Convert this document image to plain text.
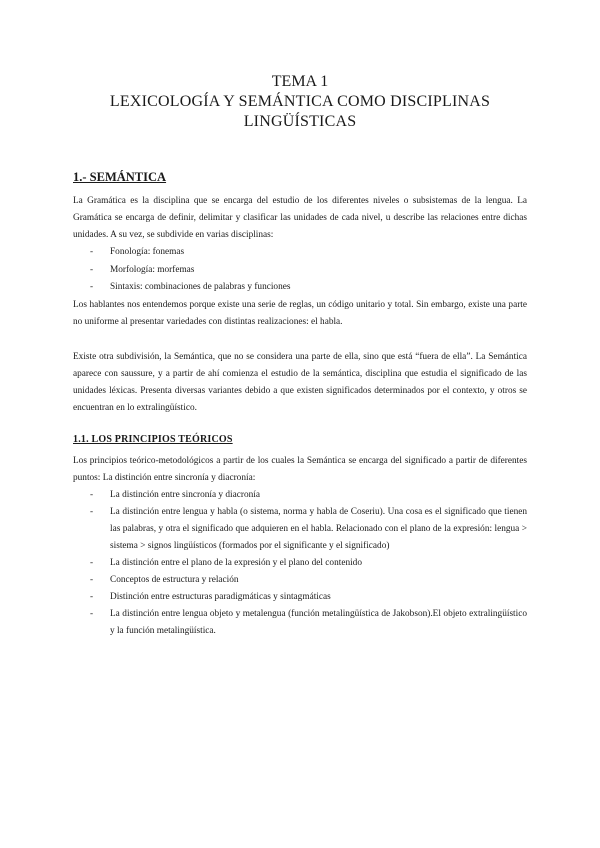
TEMA 1
LEXICOLOGÍA Y SEMÁNTICA COMO DISCIPLINAS
LINGÜÍSTICAS
1.- SEMÁNTICA

La Gramática es la disciplina que se encarga del estudio de los diferentes niveles o subsistemas de la lengua. La Gramática se encarga de definir, delimitar y clasificar las unidades de cada nivel, u describe las relaciones entre dichas unidades. A su vez, se subdivide en varias disciplinas:

- Fonología: fonemas
- Morfología: morfemas
- Sintaxis: combinaciones de palabras y funciones

Los hablantes nos entendemos porque existe una serie de reglas, un código unitario y total. Sin embargo, existe una parte no uniforme al presentar variedades con distintas realizaciones: el habla.

Existe otra subdivisión, la Semántica, que no se considera una parte de ella, sino que está “fuera de ella”. La Semántica aparece con saussure, y a partir de ahí comienza el estudio de la semántica, disciplina que estudia el significado de las unidades léxicas. Presenta diversas variantes debido a que existen significados determinados por el contexto, y otros se encuentran en lo extralingüístico.

1.1. LOS PRINCIPIOS TEÓRICOS

Los principios teórico-metodológicos a partir de los cuales la Semántica se encarga del significado a partir de diferentes puntos: La distinción entre sincronía y diacronía:

- La distinción entre sincronía y diacronía
- La distinción entre lengua y habla (o sistema, norma y habla de Coseriu). Una cosa es el significado que tienen las palabras, y otra el significado que adquieren en el habla. Relacionado con el plano de la expresión: lengua > sistema > signos lingüísticos (formados por el significante y el significado)
- La distinción entre el plano de la expresión y el plano del contenido
- Conceptos de estructura y relación
- Distinción entre estructuras paradigmáticas y sintagmáticas
- La distinción entre lengua objeto y metalengua (función metalingüística de Jakobson).El objeto extralingüístico y la función metalingüística.
